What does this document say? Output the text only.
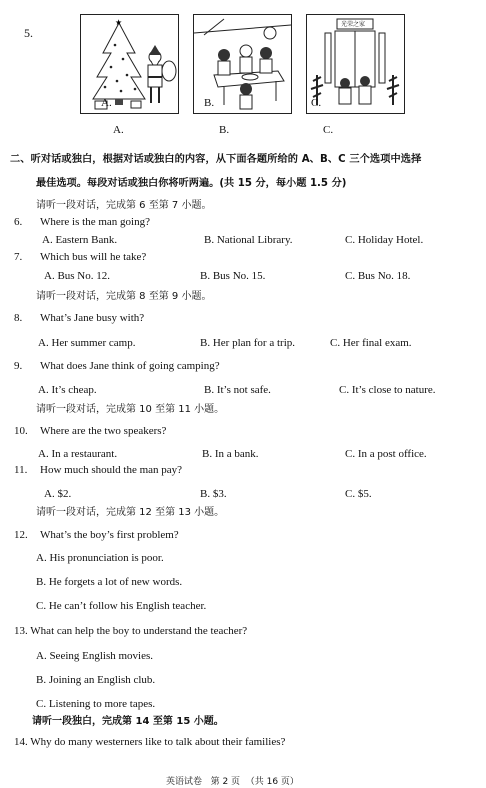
5.
★
A.	B.
光荣之家
C.
A.	B.	C.
二、听对话或独白，根据对话或独白的内容，从下面各题所给的 A、B、C 三个选项中选择
最佳选项。每段对话或独白你将听两遍。(共 15 分，每小题 1.5 分)
请听一段对话，完成第 6 至第 7 小题。
6. Where is the man going?
A. Eastern Bank.	B. National Library.	C. Holiday Hotel.
7. Which bus will he take?
A. Bus No. 12.	B. Bus No. 15.	C. Bus No. 18.
请听一段对话，完成第 8 至第 9 小题。
8. What’s Jane busy with?
A. Her summer camp.	B. Her plan for a trip.	C. Her final exam.
9. What does Jane think of going camping?
A. It’s cheap.	B. It’s not safe.	C. It’s close to nature.
请听一段对话，完成第 10 至第 11 小题。
10. Where are the two speakers?
A. In a restaurant.	B. In a bank.	C. In a post office.
11. How much should the man pay?
A. $2.	B. $3.	C. $5.
请听一段对话，完成第 12 至第 13 小题。
12. What’s the boy’s first problem?
A. His pronunciation is poor.
B. He forgets a lot of new words.
C. He can’t follow his English teacher.
13. What can help the boy to understand the teacher?
A. Seeing English movies.
B. Joining an English club.
C. Listening to more tapes.
请听一段独白，完成第 14 至第 15 小题。
14. Why do many westerners like to talk about their families?
英语试卷   第 2 页  （共 16 页）
